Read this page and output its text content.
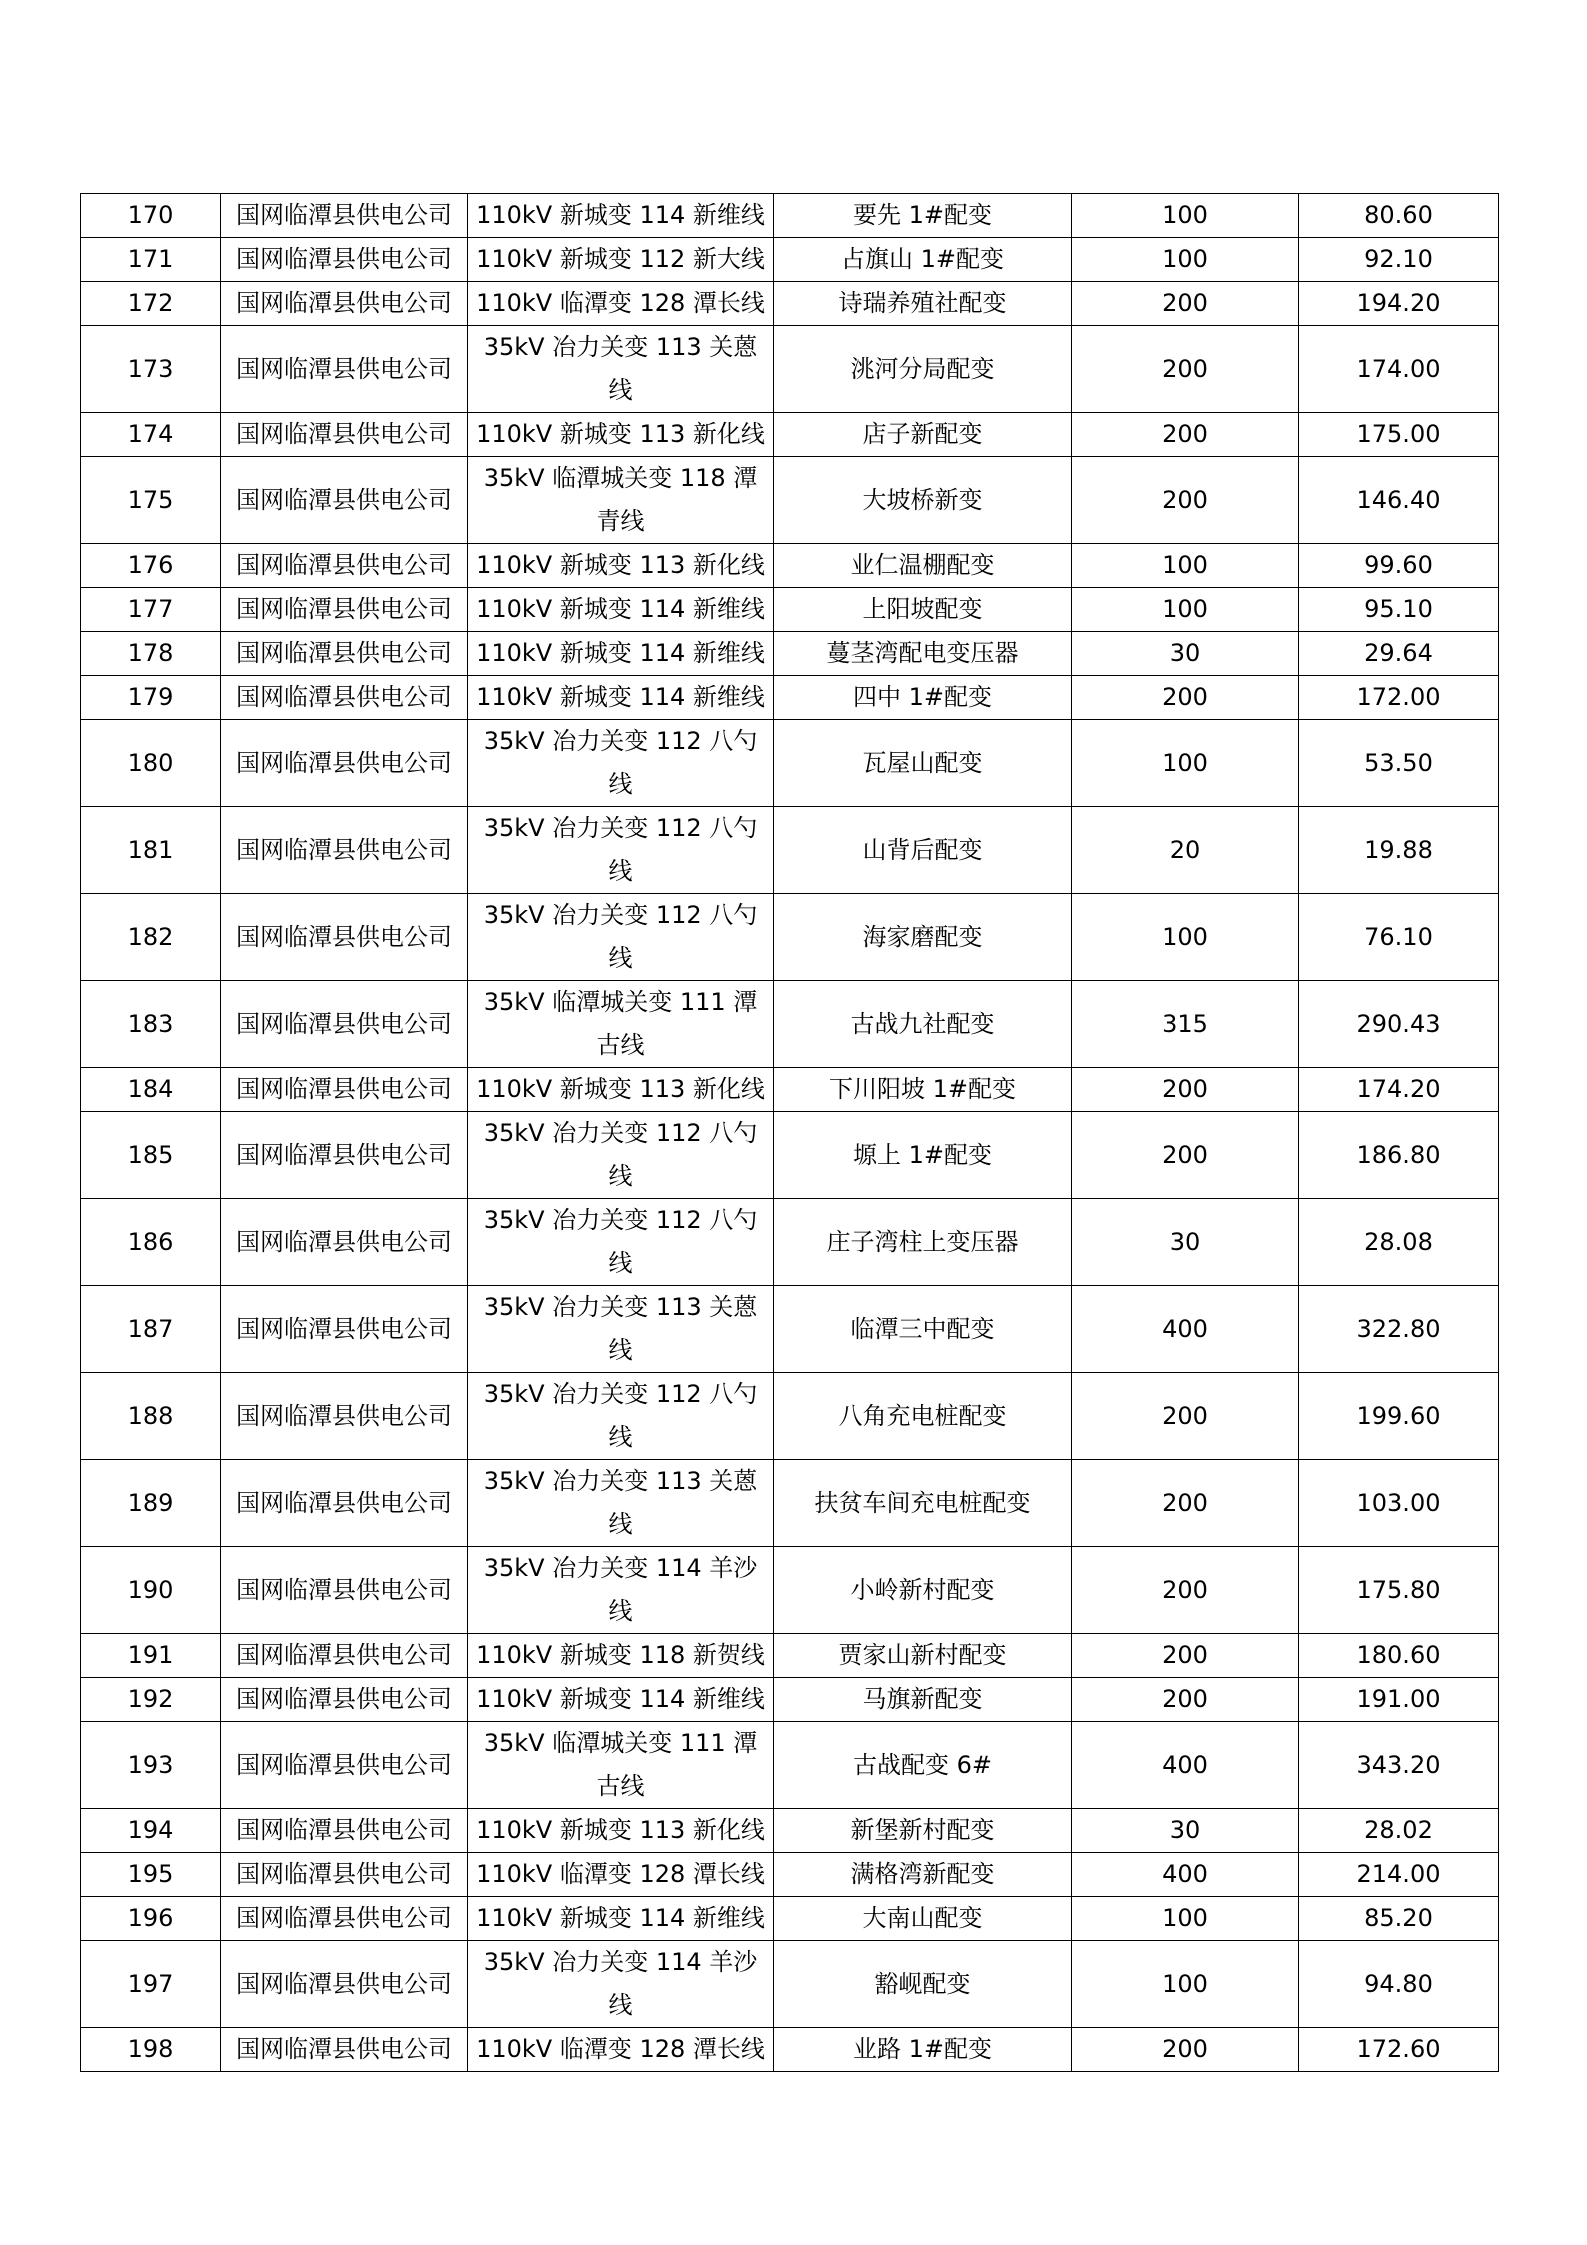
170	国网临潭县供电公司	110kV 新城变 114 新维线	要先 1#配变	100	80.60
171	国网临潭县供电公司	110kV 新城变 112 新大线	占旗山 1#配变	100	92.10
172	国网临潭县供电公司	110kV 临潭变 128 潭长线	诗瑞养殖社配变	200	194.20
173	国网临潭县供电公司	35kV 冶力关变 113 关蒽线	洮河分局配变	200	174.00
174	国网临潭县供电公司	110kV 新城变 113 新化线	店子新配变	200	175.00
175	国网临潭县供电公司	35kV 临潭城关变 118 潭青线	大坡桥新变	200	146.40
176	国网临潭县供电公司	110kV 新城变 113 新化线	业仁温棚配变	100	99.60
177	国网临潭县供电公司	110kV 新城变 114 新维线	上阳坡配变	100	95.10
178	国网临潭县供电公司	110kV 新城变 114 新维线	蔓茎湾配电变压器	30	29.64
179	国网临潭县供电公司	110kV 新城变 114 新维线	四中 1#配变	200	172.00
180	国网临潭县供电公司	35kV 冶力关变 112 八勺线	瓦屋山配变	100	53.50
181	国网临潭县供电公司	35kV 冶力关变 112 八勺线	山背后配变	20	19.88
182	国网临潭县供电公司	35kV 冶力关变 112 八勺线	海家磨配变	100	76.10
183	国网临潭县供电公司	35kV 临潭城关变 111 潭古线	古战九社配变	315	290.43
184	国网临潭县供电公司	110kV 新城变 113 新化线	下川阳坡 1#配变	200	174.20
185	国网临潭县供电公司	35kV 冶力关变 112 八勺线	塬上 1#配变	200	186.80
186	国网临潭县供电公司	35kV 冶力关变 112 八勺线	庄子湾柱上变压器	30	28.08
187	国网临潭县供电公司	35kV 冶力关变 113 关蒽线	临潭三中配变	400	322.80
188	国网临潭县供电公司	35kV 冶力关变 112 八勺线	八角充电桩配变	200	199.60
189	国网临潭县供电公司	35kV 冶力关变 113 关蒽线	扶贫车间充电桩配变	200	103.00
190	国网临潭县供电公司	35kV 冶力关变 114 羊沙线	小岭新村配变	200	175.80
191	国网临潭县供电公司	110kV 新城变 118 新贺线	贾家山新村配变	200	180.60
192	国网临潭县供电公司	110kV 新城变 114 新维线	马旗新配变	200	191.00
193	国网临潭县供电公司	35kV 临潭城关变 111 潭古线	古战配变 6#	400	343.20
194	国网临潭县供电公司	110kV 新城变 113 新化线	新堡新村配变	30	28.02
195	国网临潭县供电公司	110kV 临潭变 128 潭长线	满格湾新配变	400	214.00
196	国网临潭县供电公司	110kV 新城变 114 新维线	大南山配变	100	85.20
197	国网临潭县供电公司	35kV 冶力关变 114 羊沙线	豁岘配变	100	94.80
198	国网临潭县供电公司	110kV 临潭变 128 潭长线	业路 1#配变	200	172.60
